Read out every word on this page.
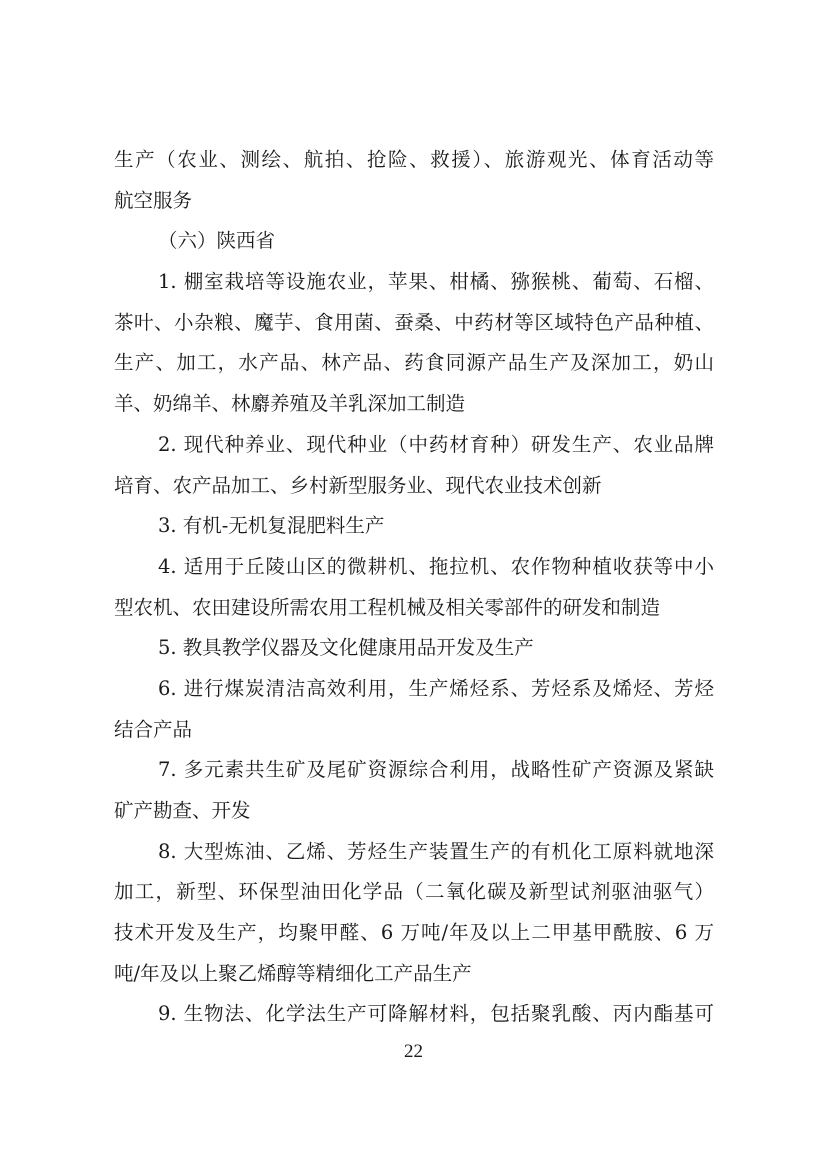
生产（农业、测绘、航拍、抢险、救援）、旅游观光、体育活动等
航空服务
（六）陕西省
1. 棚室栽培等设施农业，苹果、柑橘、猕猴桃、葡萄、石榴、
茶叶、小杂粮、魔芋、食用菌、蚕桑、中药材等区域特色产品种植、
生产、加工，水产品、林产品、药食同源产品生产及深加工，奶山
羊、奶绵羊、林麝养殖及羊乳深加工制造
2. 现代种养业、现代种业（中药材育种）研发生产、农业品牌
培育、农产品加工、乡村新型服务业、现代农业技术创新
3. 有机-无机复混肥料生产
4. 适用于丘陵山区的微耕机、拖拉机、农作物种植收获等中小
型农机、农田建设所需农用工程机械及相关零部件的研发和制造
5. 教具教学仪器及文化健康用品开发及生产
6. 进行煤炭清洁高效利用，生产烯烃系、芳烃系及烯烃、芳烃
结合产品
7. 多元素共生矿及尾矿资源综合利用，战略性矿产资源及紧缺
矿产勘查、开发
8. 大型炼油、乙烯、芳烃生产装置生产的有机化工原料就地深
加工，新型、环保型油田化学品（二氧化碳及新型试剂驱油驱气）
技术开发及生产，均聚甲醛、6 万吨/年及以上二甲基甲酰胺、6 万
吨/年及以上聚乙烯醇等精细化工产品生产
9. 生物法、化学法生产可降解材料，包括聚乳酸、丙内酯基可
22
